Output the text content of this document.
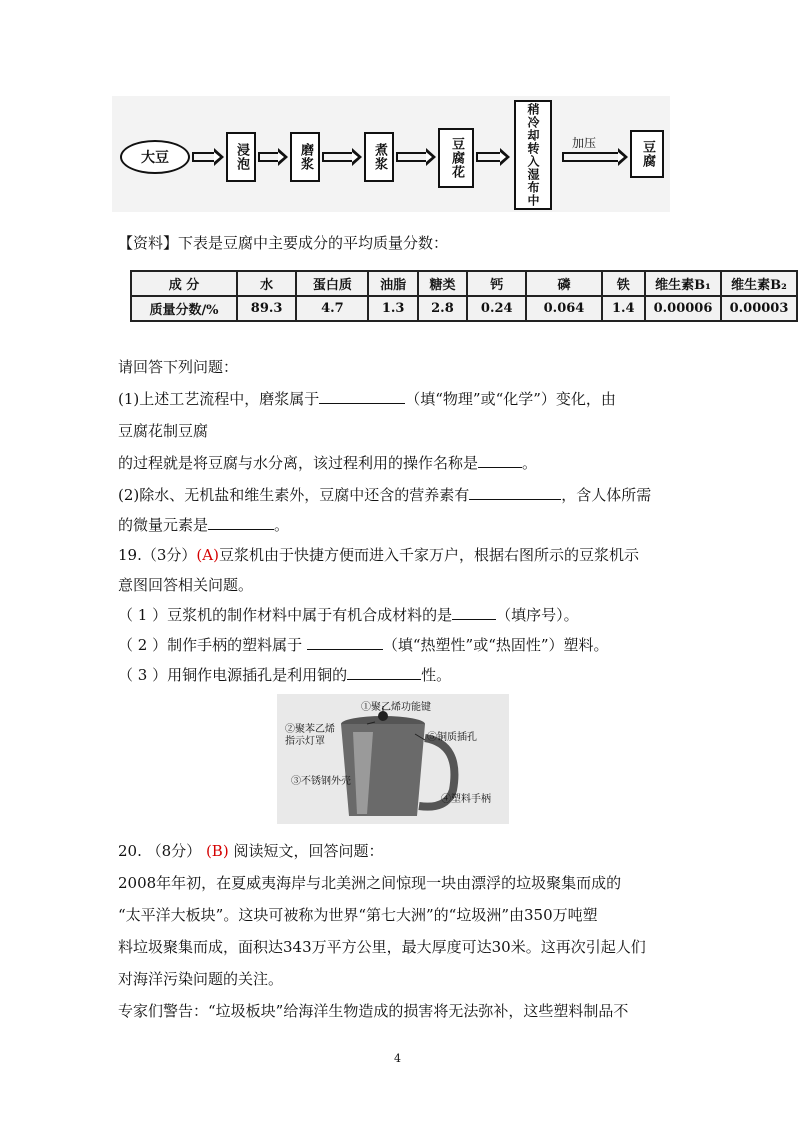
大豆	浸泡	磨浆	煮浆	豆腐花	稍冷却转入湿布中	加压	豆腐
【资料】下表是豆腐中主要成分的平均质量分数：
成 分	水	蛋白质	油脂	糖类	钙	磷	铁	维生素B₁	维生素B₂
质量分数/%	89.3	4.7	1.3	2.8	0.24	0.064	1.4	0.00006	0.00003
请回答下列问题：
(1)上述工艺流程中，磨浆属于	（填“物理”或“化学”）变化，由
豆腐花制豆腐
的过程就是将豆腐与水分离，该过程利用的操作名称是	。
(2)除水、无机盐和维生素外，豆腐中还含的营养素有	，含人体所需
的微量元素是	。
19.（3分）(A)豆浆机由于快捷方便而进入千家万户，根据右图所示的豆浆机示
意图回答相关问题。
（ 1 ）豆浆机的制作材料中属于有机合成材料的是	（填序号）。
（ 2 ）制作手柄的塑料属于	（填“热塑性”或“热固性”）塑料。
（ 3 ）用铜作电源插孔是利用铜的	性。
①聚乙烯功能键
②聚苯乙烯指示灯罩	⑤铜质插孔
③不锈钢外壳
④塑料手柄
20. （8分） (B) 阅读短文，回答问题：
2008年年初，在夏威夷海岸与北美洲之间惊现一块由漂浮的垃圾聚集而成的
“太平洋大板块”。这块可被称为世界“第七大洲”的“垃圾洲”由350万吨塑
料垃圾聚集而成，面积达343万平方公里，最大厚度可达30米。这再次引起人们
对海洋污染问题的关注。
专家们警告：“垃圾板块”给海洋生物造成的损害将无法弥补，这些塑料制品不
4
